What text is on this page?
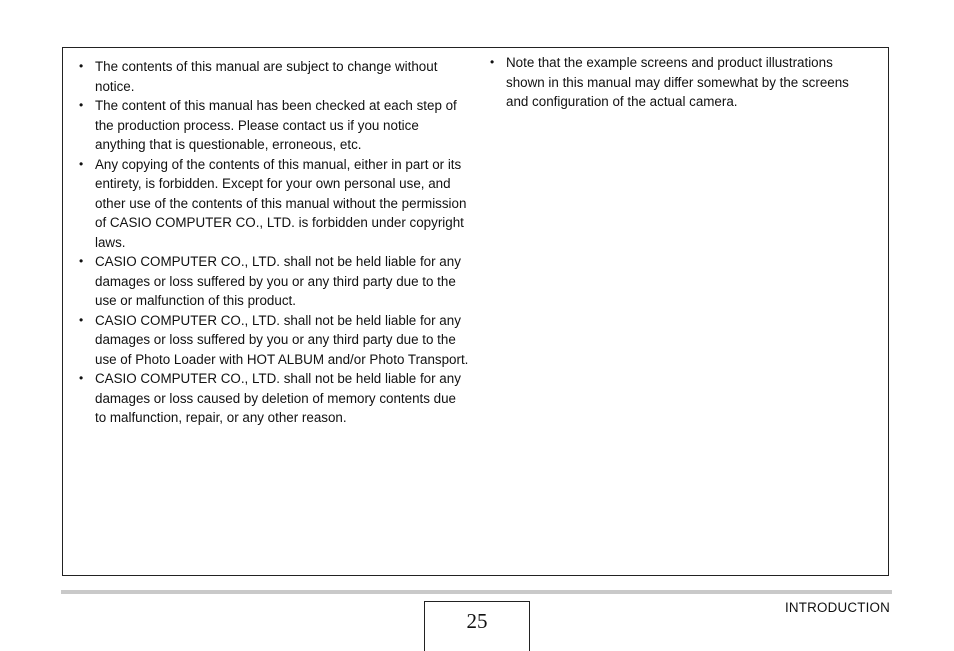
• The contents of this manual are subject to change without notice.
• The content of this manual has been checked at each step of the production process. Please contact us if you notice anything that is questionable, erroneous, etc.
• Any copying of the contents of this manual, either in part or its entirety, is forbidden. Except for your own personal use, and other use of the contents of this manual without the permission of CASIO COMPUTER CO., LTD. is forbidden under copyright laws.
• CASIO COMPUTER CO., LTD. shall not be held liable for any damages or loss suffered by you or any third party due to the use or malfunction of this product.
• CASIO COMPUTER CO., LTD. shall not be held liable for any damages or loss suffered by you or any third party due to the use of Photo Loader with HOT ALBUM and/or Photo Transport.
• CASIO COMPUTER CO., LTD. shall not be held liable for any damages or loss caused by deletion of memory contents due to malfunction, repair, or any other reason.
• Note that the example screens and product illustrations shown in this manual may differ somewhat by the screens and configuration of the actual camera.
25
INTRODUCTION
